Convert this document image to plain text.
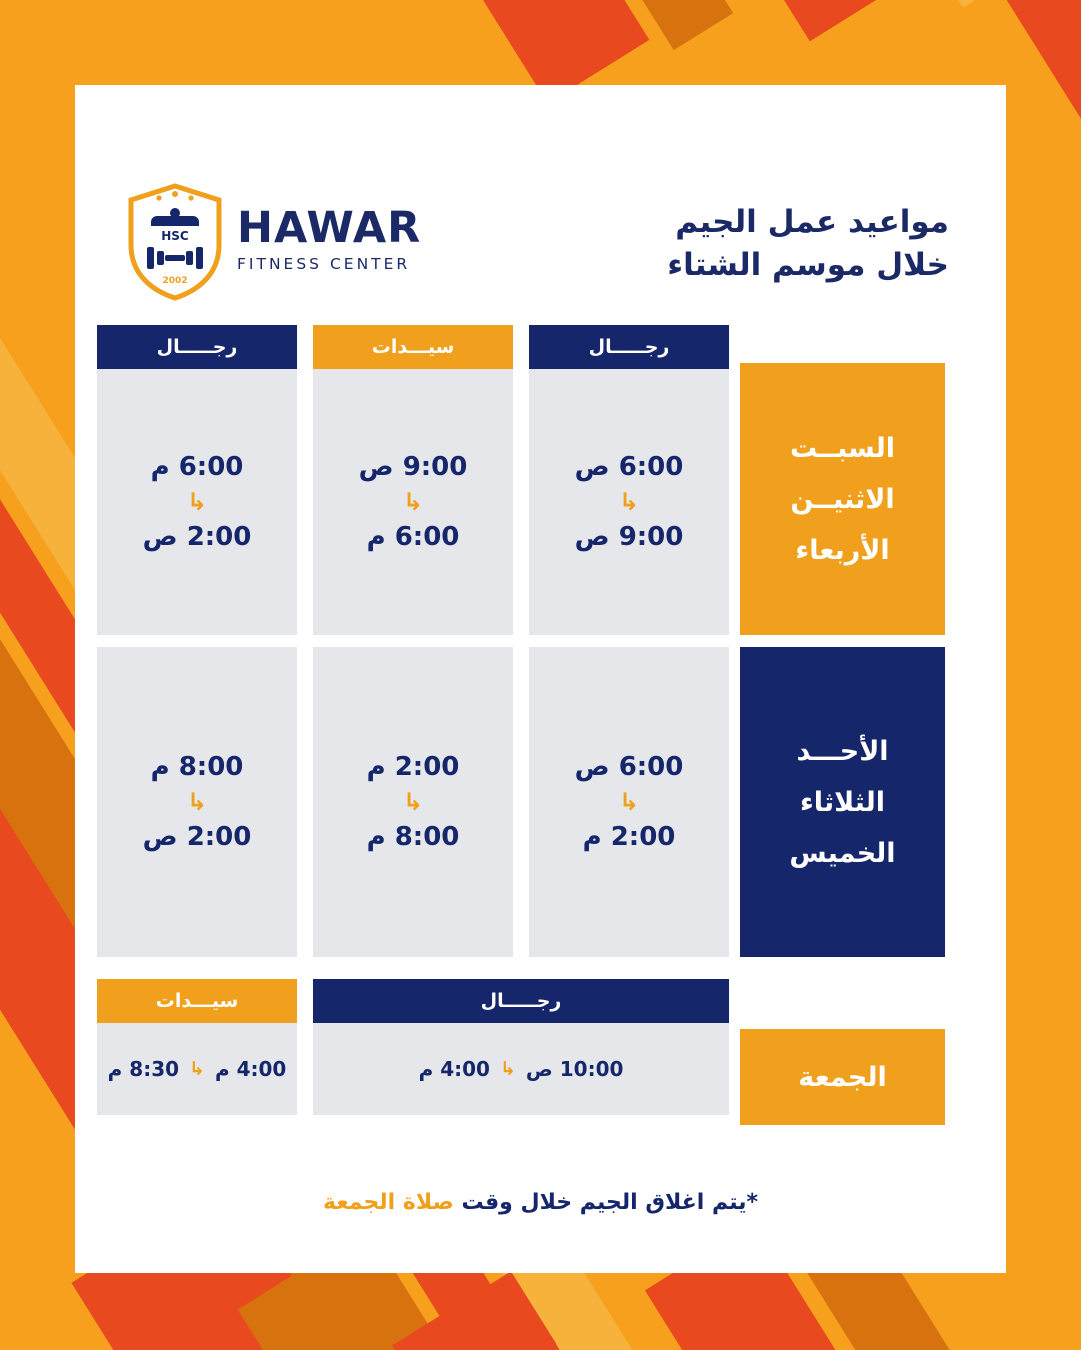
HSC
2002
HAWAR
FITNESS CENTER
مواعيد عمل الجيم
خلال موسم الشتاء
السبــت
الاثنيــن
الأربعاء
رجـــــال
6:00 ص
↳
9:00 ص
سيـــدات
9:00 ص
↳
6:00 م
رجـــــال
6:00 م
↳
2:00 ص
الأحـــد
الثلاثاء
الخميس
6:00 ص
↳
2:00 م
2:00 م
↳
8:00 م
8:00 م
↳
2:00 ص
الجمعة
رجـــــال
10:00 ص
↳
4:00 م
سيـــدات
4:00 م
↳
8:30 م
*يتم اغلاق الجيم خلال وقت صلاة الجمعة
